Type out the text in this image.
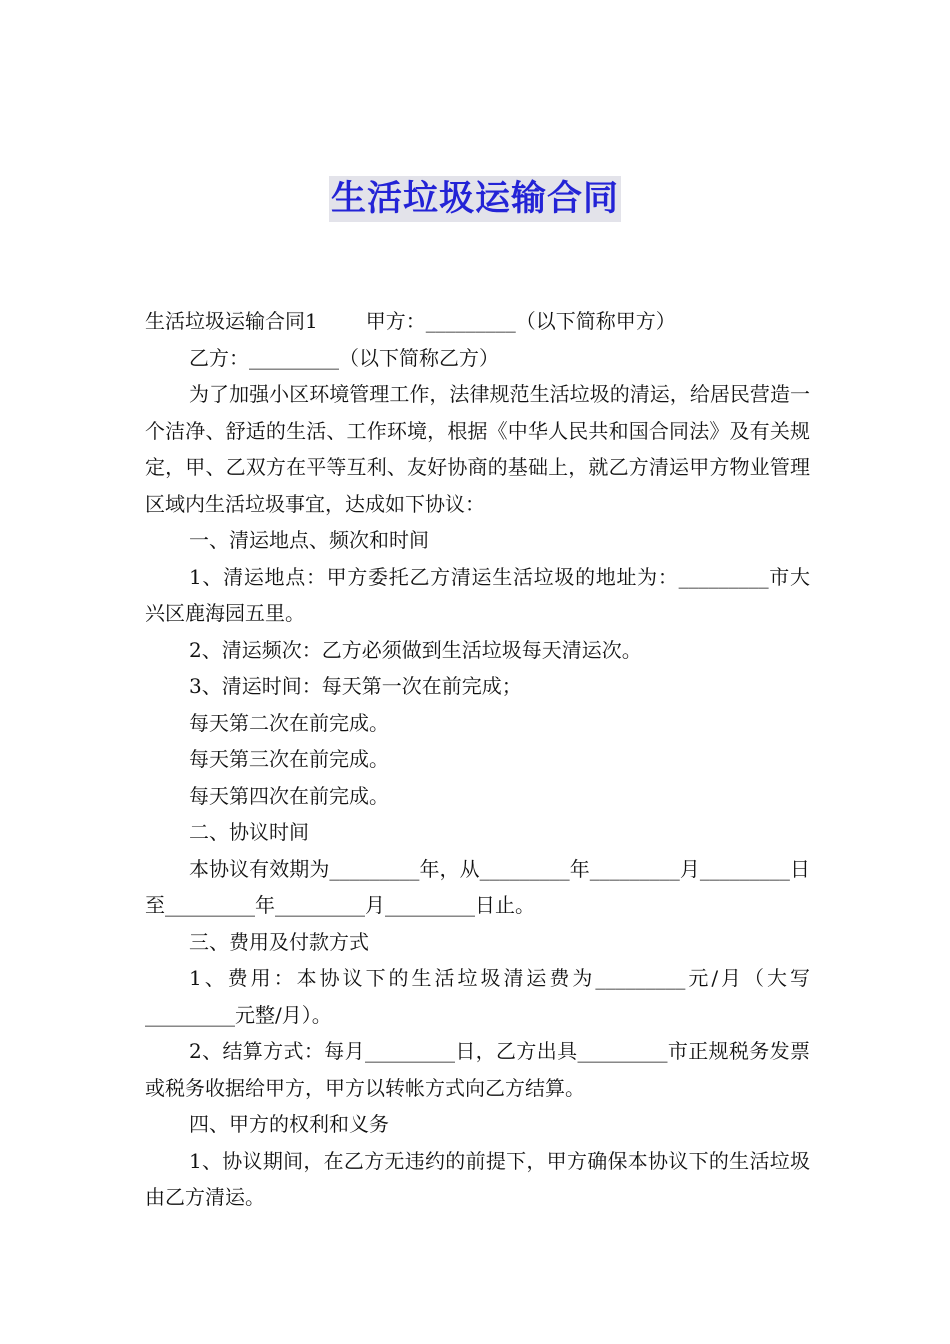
生活垃圾运输合同

生活垃圾运输合同1 甲方：_________（以下简称甲方）

乙方：_________（以下简称乙方）

为了加强小区环境管理工作，法律规范生活垃圾的清运，给居民营造一个洁净、舒适的生活、工作环境，根据《中华人民共和国合同法》及有关规定，甲、乙双方在平等互利、友好协商的基础上，就乙方清运甲方物业管理区域内生活垃圾事宜，达成如下协议：

一、清运地点、频次和时间

1、清运地点：甲方委托乙方清运生活垃圾的地址为：_________市大兴区鹿海园五里。

2、清运频次：乙方必须做到生活垃圾每天清运次。

3、清运时间：每天第一次在前完成；

每天第二次在前完成。

每天第三次在前完成。

每天第四次在前完成。

二、协议时间

本协议有效期为_________年，从_________年_________月_________日至_________年_________月_________日止。

三、费用及付款方式

1、费用：本协议下的生活垃圾清运费为_________元/月（大写_________元整/月）。

2、结算方式：每月_________日，乙方出具_________市正规税务发票或税务收据给甲方，甲方以转帐方式向乙方结算。

四、甲方的权利和义务

1、协议期间，在乙方无违约的前提下，甲方确保本协议下的生活垃圾由乙方清运。
